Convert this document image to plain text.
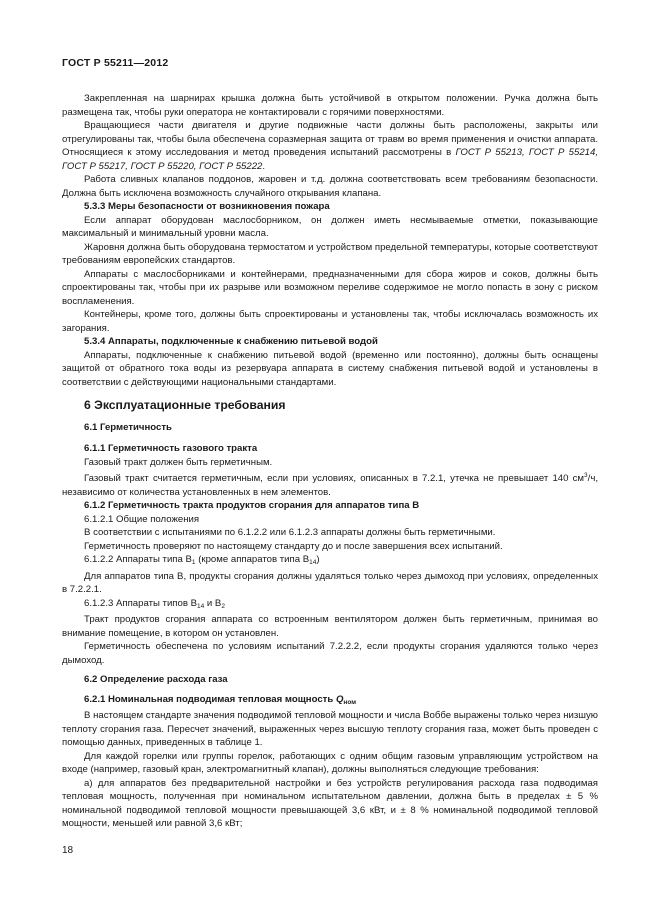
ГОСТ Р 55211—2012

Закрепленная на шарнирах крышка должна быть устойчивой в открытом положении. Ручка должна быть размещена так, чтобы руки оператора не контактировали с горячими поверхностями.

Вращающиеся части двигателя и другие подвижные части должны быть расположены, закрыты или отрегулированы так, чтобы была обеспечена соразмерная защита от травм во время применения и очистки аппарата. Относящиеся к этому исследования и метод проведения испытаний рассмотрены в ГОСТ Р 55213, ГОСТ Р 55214, ГОСТ Р 55217, ГОСТ Р 55220, ГОСТ Р 55222.

Работа сливных клапанов поддонов, жаровен и т.д. должна соответствовать всем требованиям безопасности. Должна быть исключена возможность случайного открывания клапана.

5.3.3 Меры безопасности от возникновения пожара

Если аппарат оборудован маслосборником, он должен иметь несмываемые отметки, показывающие максимальный и минимальный уровни масла.

Жаровня должна быть оборудована термостатом и устройством предельной температуры, которые соответствуют требованиям европейских стандартов.

Аппараты с маслосборниками и контейнерами, предназначенными для сбора жиров и соков, должны быть спроектированы так, чтобы при их разрыве или возможном переливе содержимое не могло попасть в зону с риском воспламенения.

Контейнеры, кроме того, должны быть спроектированы и установлены так, чтобы исключалась возможность их загорания.

5.3.4 Аппараты, подключенные к снабжению питьевой водой

Аппараты, подключенные к снабжению питьевой водой (временно или постоянно), должны быть оснащены защитой от обратного тока воды из резервуара аппарата в систему снабжения питьевой водой и установлены в соответствии с действующими национальными стандартами.

6 Эксплуатационные требования
6.1 Герметичность
6.1.1 Герметичность газового тракта

Газовый тракт должен быть герметичным.

Газовый тракт считается герметичным, если при условиях, описанных в 7.2.1, утечка не превышает 140 $см^3/ч$, независимо от количества установленных в нем элементов.

6.1.2 Герметичность тракта продуктов сгорания для аппаратов типа В

6.1.2.1 Общие положения

В соответствии с испытаниями по 6.1.2.2 или 6.1.2.3 аппараты должны быть герметичными.

Герметичность проверяют по настоящему стандарту до и после завершения всех испытаний.

6.1.2.2 Аппараты типа $В_1$ (кроме аппаратов типа $В_{14}$)

Для аппаратов типа В, продукты сгорания должны удаляться только через дымоход при условиях, определенных в 7.2.2.1.

6.1.2.3 Аппараты типов $В_{14}$ и $В_2$

Тракт продуктов сгорания аппарата со встроенным вентилятором должен быть герметичным, принимая во внимание помещение, в котором он установлен.

Герметичность обеспечена по условиям испытаний 7.2.2.2, если продукты сгорания удаляются только через дымоход.

6.2 Определение расхода газа
6.2.1 Номинальная подводимая тепловая мощность $Q_{ном}$

В настоящем стандарте значения подводимой тепловой мощности и числа Воббе выражены только через низшую теплоту сгорания газа. Пересчет значений, выраженных через высшую теплоту сгорания газа, может быть проведен с помощью данных, приведенных в таблице 1.

Для каждой горелки или группы горелок, работающих с одним общим газовым управляющим устройством на входе (например, газовый кран, электромагнитный клапан), должны выполняться следующие требования:

а) для аппаратов без предварительной настройки и без устройств регулирования расхода газа подводимая тепловая мощность, полученная при номинальном испытательном давлении, должна быть в пределах ± 5 % номинальной подводимой тепловой мощности превышающей 3,6 кВт, и ± 8 % номинальной подводимой тепловой мощности, меньшей или равной 3,6 кВт;

18
